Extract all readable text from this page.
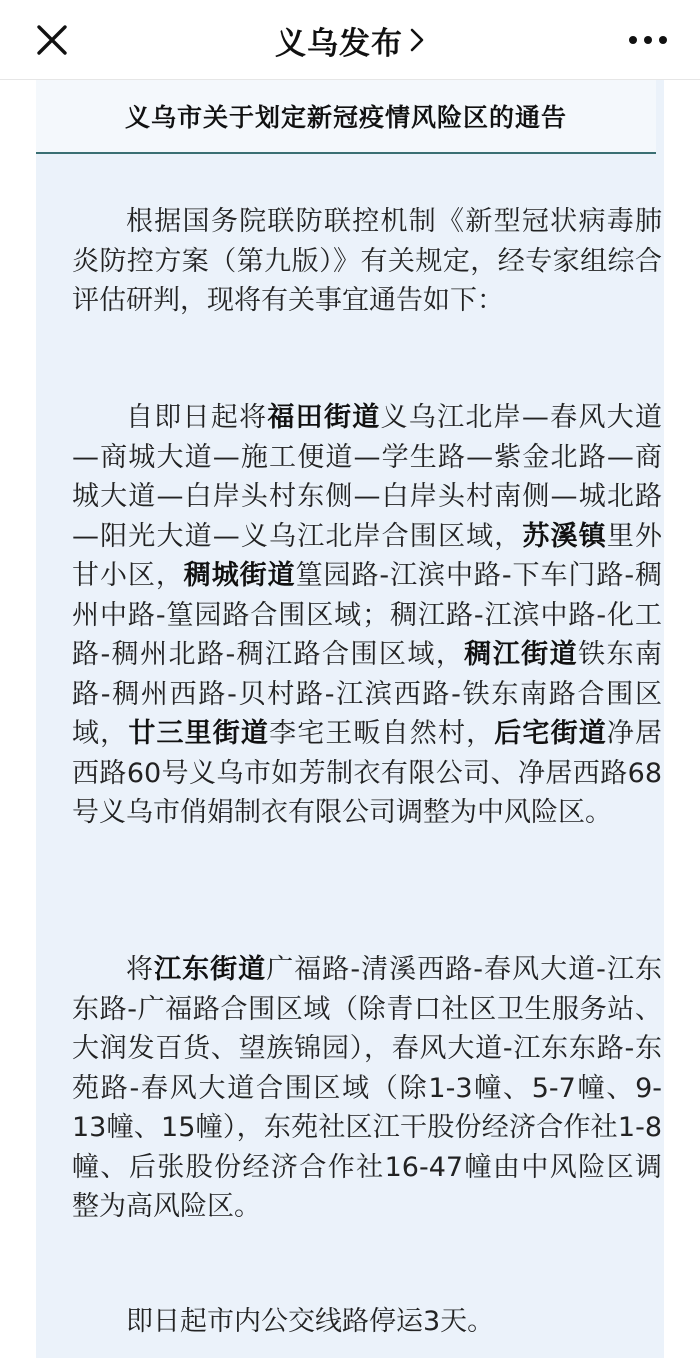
义乌发布
义乌市关于划定新冠疫情风险区的通告

根据国务院联防联控机制《新型冠状病毒肺炎防控方案（第九版）》有关规定，经专家组综合评估研判，现将有关事宜通告如下：

自即日起将福田街道义乌江北岸—春风大道—商城大道—施工便道—学生路—紫金北路—商城大道—白岸头村东侧—白岸头村南侧—城北路—阳光大道—义乌江北岸合围区域，苏溪镇里外甘小区，稠城街道篁园路-江滨中路-下车门路-稠州中路-篁园路合围区域；稠江路-江滨中路-化工路-稠州北路-稠江路合围区域，稠江街道铁东南路-稠州西路-贝村路-江滨西路-铁东南路合围区域，廿三里街道李宅王畈自然村，后宅街道净居西路60号义乌市如芳制衣有限公司、净居西路68号义乌市俏娟制衣有限公司调整为中风险区。

将江东街道广福路-清溪西路-春风大道-江东东路-广福路合围区域（除青口社区卫生服务站、大润发百货、望族锦园），春风大道-江东东路-东苑路-春风大道合围区域（除1-3幢、5-7幢、9-13幢、15幢），东苑社区江干股份经济合作社1-8幢、后张股份经济合作社16-47幢由中风险区调整为高风险区。

即日起市内公交线路停运3天。
